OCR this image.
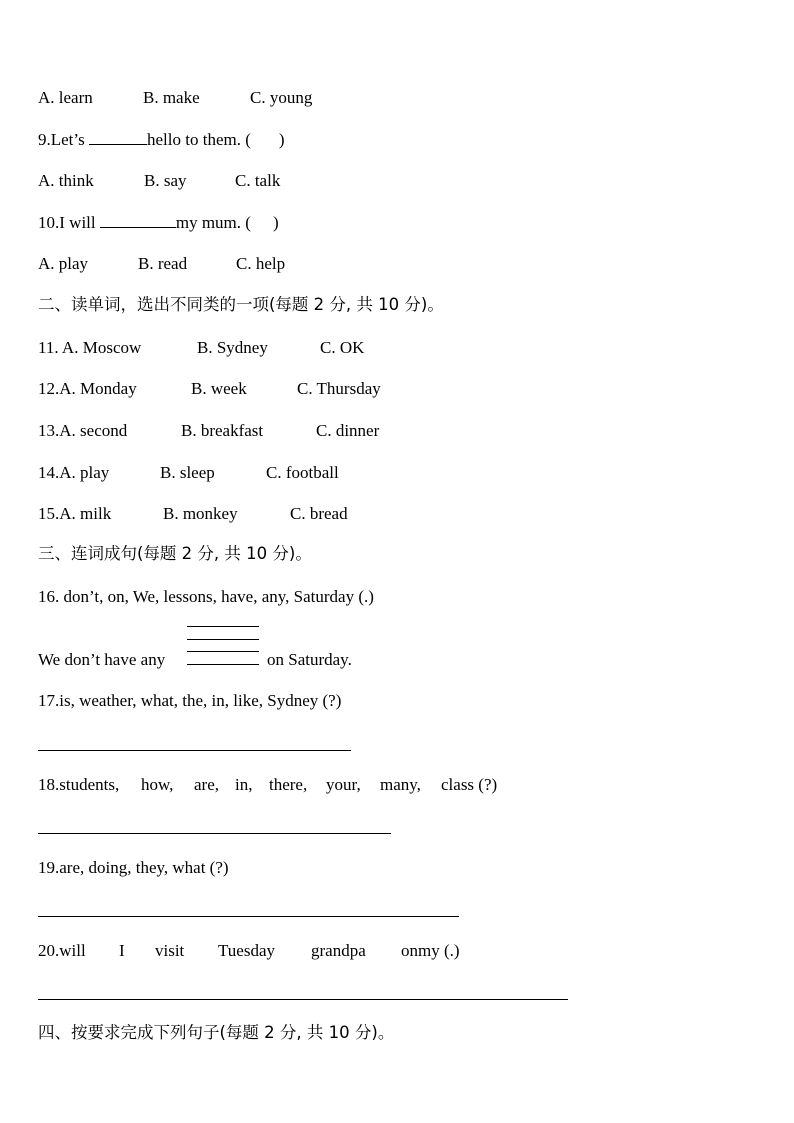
A. learn	B. make	C. young
9.Let’s	hello to them. ( )
A. think	B. say	C. talk
10.I will	my mum. ( )
A. play	B. read	C. help
二、读单词，选出不同类的一项(每题 2 分, 共 10 分)。
11. A. Moscow	B. Sydney	C. OK
12.A. Monday	B. week	C. Thursday
13.A. second	B. breakfast	C. dinner
14.A. play	B. sleep	C. football
15.A. milk	B. monkey	C. bread
三、连词成句(每题 2 分, 共 10 分)。
16. don’t, on, We, lessons, have, any, Saturday (.)
We don’t have any	on Saturday.
17.is, weather, what, the, in, like, Sydney (?)
18.students, how, are, in, there, your, many, class (?)
19.are, doing, they, what (?)
20.will I visit Tuesday grandpa onmy (.)
四、按要求完成下列句子(每题 2 分, 共 10 分)。
